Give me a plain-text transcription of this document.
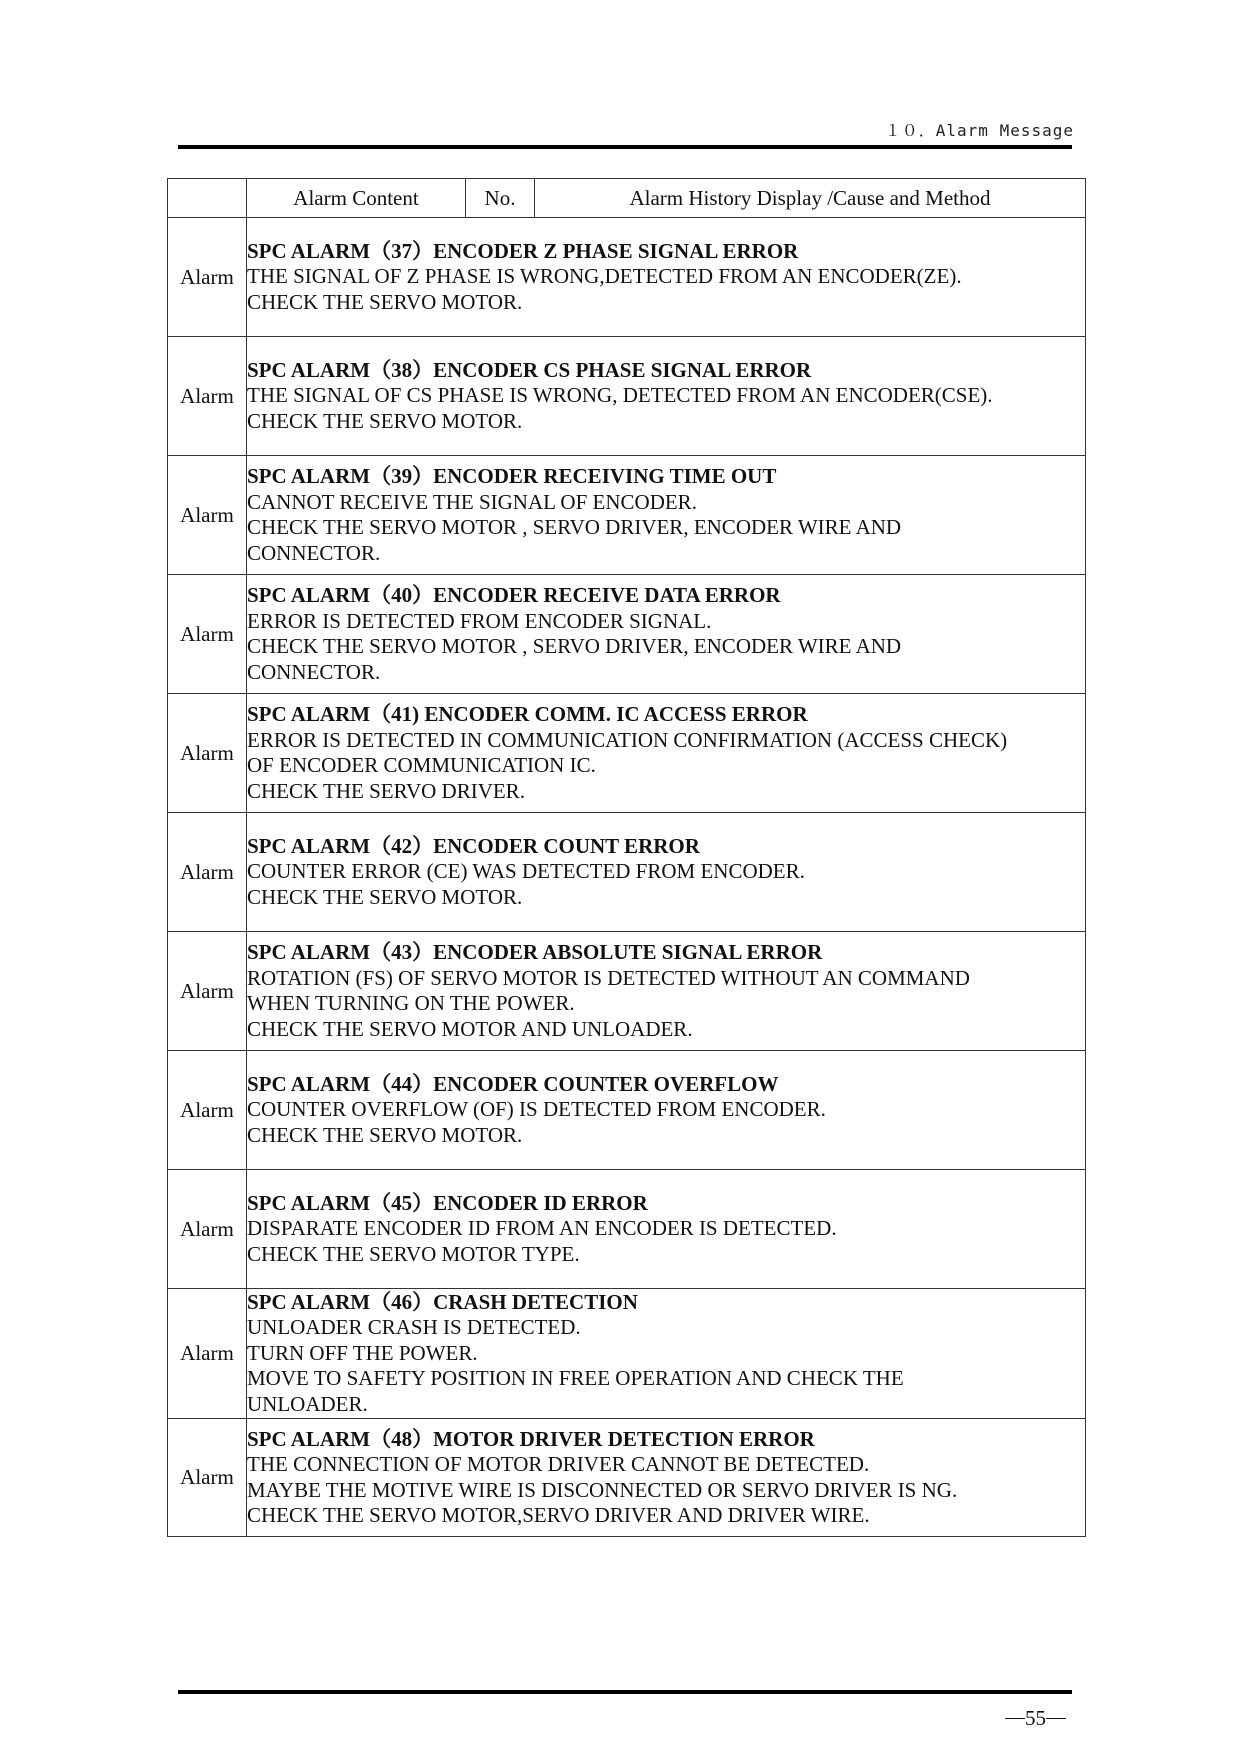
１０．Alarm Message
	Alarm Content	No.	Alarm History Display /Cause and Method
Alarm	SPC ALARM（37）ENCODER Z PHASE SIGNAL ERROR
THE SIGNAL OF Z PHASE IS WRONG,DETECTED FROM AN ENCODER(ZE).
CHECK THE SERVO MOTOR.		

Alarm	SPC ALARM（38）ENCODER CS PHASE SIGNAL ERROR
THE SIGNAL OF CS PHASE IS WRONG, DETECTED FROM AN ENCODER(CSE).
CHECK THE SERVO MOTOR.		

Alarm	SPC ALARM（39）ENCODER RECEIVING TIME OUT
CANNOT RECEIVE THE SIGNAL OF ENCODER.
CHECK THE SERVO MOTOR , SERVO DRIVER, ENCODER WIRE AND
CONNECTOR.		

Alarm	SPC ALARM（40）ENCODER RECEIVE DATA ERROR
ERROR IS DETECTED FROM ENCODER SIGNAL.
CHECK THE SERVO MOTOR , SERVO DRIVER, ENCODER WIRE AND
CONNECTOR.		

Alarm	SPC ALARM（41) ENCODER COMM. IC ACCESS ERROR
ERROR IS DETECTED IN COMMUNICATION CONFIRMATION (ACCESS CHECK)
OF ENCODER COMMUNICATION IC.
CHECK THE SERVO DRIVER.		

Alarm	SPC ALARM（42）ENCODER COUNT ERROR
COUNTER ERROR (CE) WAS DETECTED FROM ENCODER.
CHECK THE SERVO MOTOR.		

Alarm	SPC ALARM（43）ENCODER ABSOLUTE SIGNAL ERROR
ROTATION (FS) OF SERVO MOTOR IS DETECTED WITHOUT AN COMMAND
WHEN TURNING ON THE POWER.
CHECK THE SERVO MOTOR AND UNLOADER.		

Alarm	SPC ALARM（44）ENCODER COUNTER OVERFLOW
COUNTER OVERFLOW (OF) IS DETECTED FROM ENCODER.
CHECK THE SERVO MOTOR.		

Alarm	SPC ALARM（45）ENCODER ID ERROR
DISPARATE ENCODER ID FROM AN ENCODER IS DETECTED.
CHECK THE SERVO MOTOR TYPE.		

Alarm	SPC ALARM（46）CRASH DETECTION
UNLOADER CRASH IS DETECTED.
TURN OFF THE POWER.
MOVE TO SAFETY POSITION IN FREE OPERATION AND CHECK THE
UNLOADER.		

Alarm	SPC ALARM（48）MOTOR DRIVER DETECTION ERROR
THE CONNECTION OF MOTOR DRIVER CANNOT BE DETECTED.
MAYBE THE MOTIVE WIRE IS DISCONNECTED OR SERVO DRIVER IS NG.
CHECK THE SERVO MOTOR,SERVO DRIVER AND DRIVER WIRE.		
55
